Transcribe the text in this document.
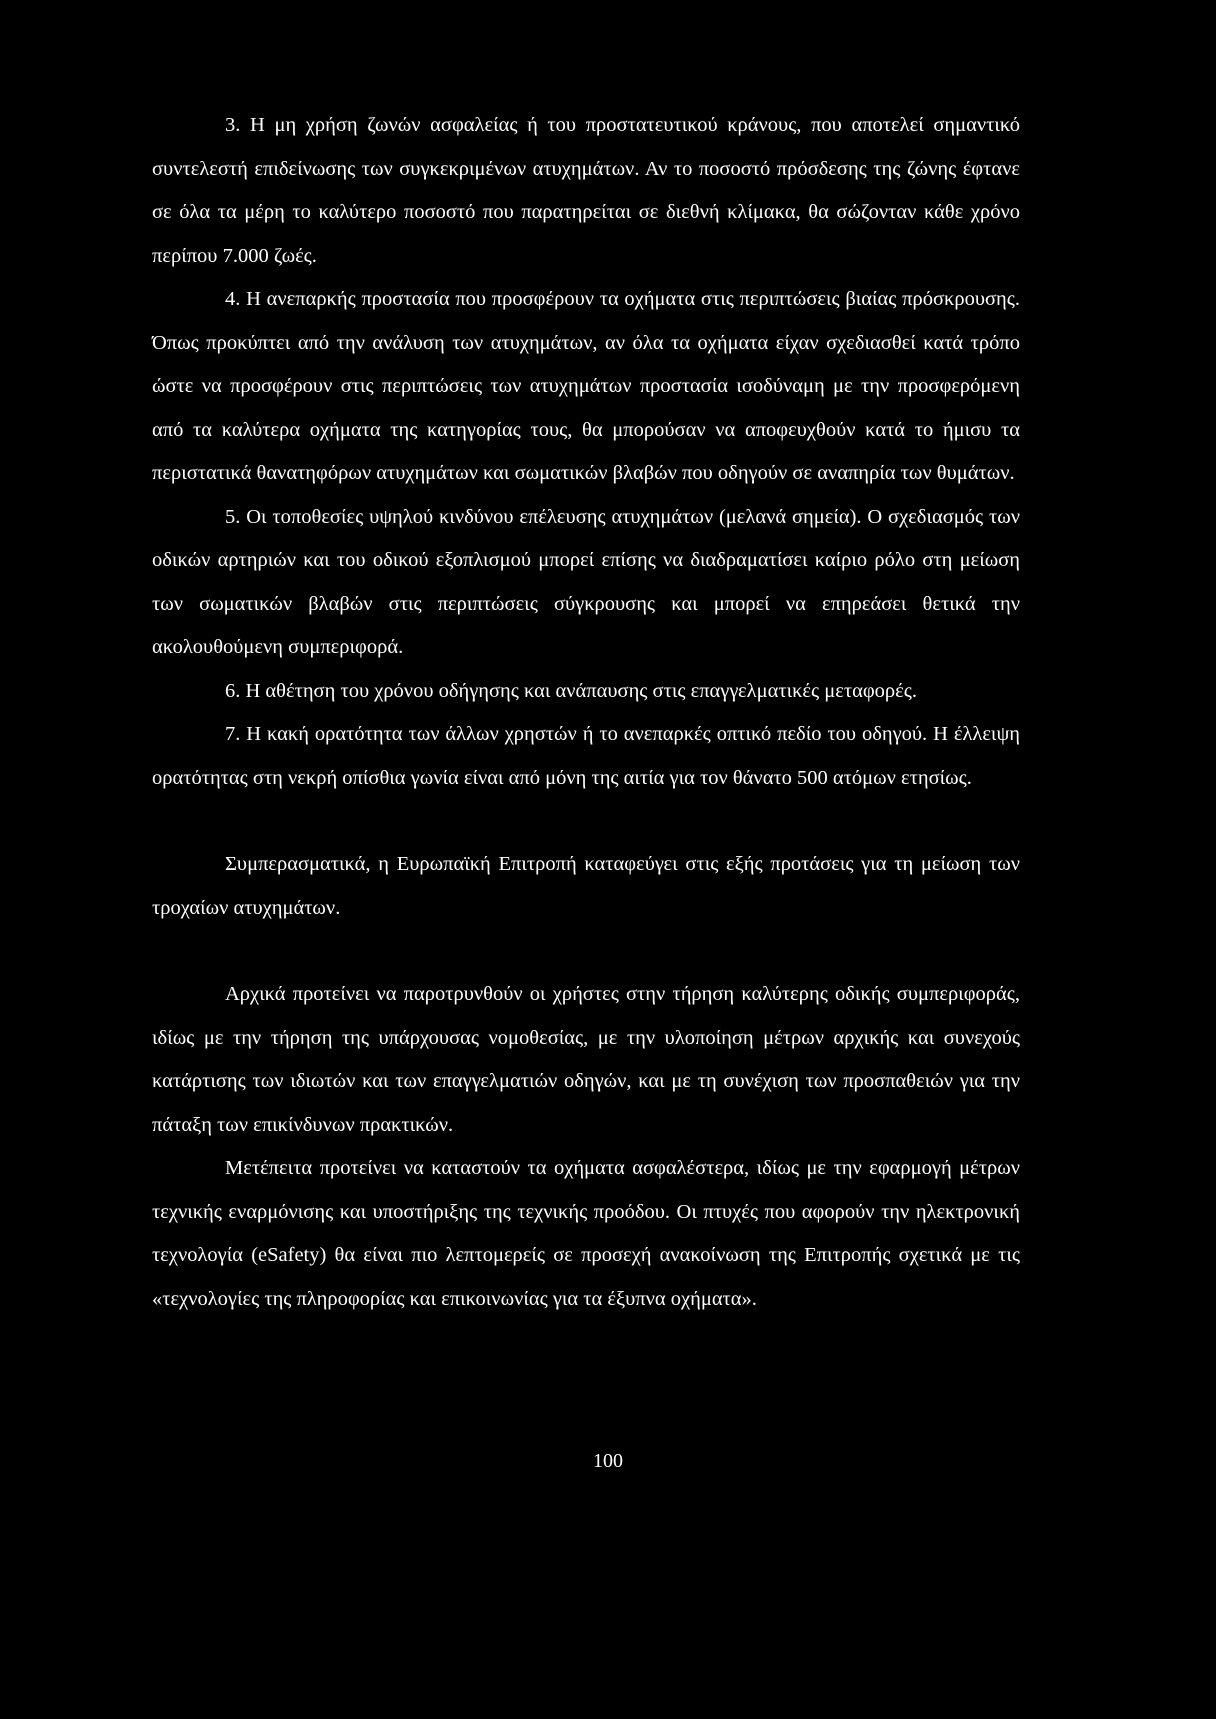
3. Η μη χρήση ζωνών ασφαλείας ή του προστατευτικού κράνους, που αποτελεί σημαντικό συντελεστή επιδείνωσης των συγκεκριμένων ατυχημάτων. Αν το ποσοστό πρόσδεσης της ζώνης έφτανε σε όλα τα μέρη το καλύτερο ποσοστό που παρατηρείται σε διεθνή κλίμακα, θα σώζονταν κάθε χρόνο περίπου 7.000 ζωές.

4. Η ανεπαρκής προστασία που προσφέρουν τα οχήματα στις περιπτώσεις βιαίας πρόσκρουσης. Όπως προκύπτει από την ανάλυση των ατυχημάτων, αν όλα τα οχήματα είχαν σχεδιασθεί κατά τρόπο ώστε να προσφέρουν στις περιπτώσεις των ατυχημάτων προστασία ισοδύναμη με την προσφερόμενη από τα καλύτερα οχήματα της κατηγορίας τους, θα μπορούσαν να αποφευχθούν κατά το ήμισυ τα περιστατικά θανατηφόρων ατυχημάτων και σωματικών βλαβών που οδηγούν σε αναπηρία των θυμάτων.

5. Οι τοποθεσίες υψηλού κινδύνου επέλευσης ατυχημάτων (μελανά σημεία). Ο σχεδιασμός των οδικών αρτηριών και του οδικού εξοπλισμού μπορεί επίσης να διαδραματίσει καίριο ρόλο στη μείωση των σωματικών βλαβών στις περιπτώσεις σύγκρουσης και μπορεί να επηρεάσει θετικά την ακολουθούμενη συμπεριφορά.

6. Η αθέτηση του χρόνου οδήγησης και ανάπαυσης στις επαγγελματικές μεταφορές.

7. Η κακή ορατότητα των άλλων χρηστών ή το ανεπαρκές οπτικό πεδίο του οδηγού. Η έλλειψη ορατότητας στη νεκρή οπίσθια γωνία είναι από μόνη της αιτία για τον θάνατο 500 ατόμων ετησίως.

Συμπερασματικά, η Ευρωπαϊκή Επιτροπή καταφεύγει στις εξής προτάσεις για τη μείωση των τροχαίων ατυχημάτων.

Αρχικά προτείνει να παροτρυνθούν οι χρήστες στην τήρηση καλύτερης οδικής συμπεριφοράς, ιδίως με την τήρηση της υπάρχουσας νομοθεσίας, με την υλοποίηση μέτρων αρχικής και συνεχούς κατάρτισης των ιδιωτών και των επαγγελματιών οδηγών, και με τη συνέχιση των προσπαθειών για την πάταξη των επικίνδυνων πρακτικών.

Μετέπειτα προτείνει να καταστούν τα οχήματα ασφαλέστερα, ιδίως με την εφαρμογή μέτρων τεχνικής εναρμόνισης και υποστήριξης της τεχνικής προόδου. Οι πτυχές που αφορούν την ηλεκτρονική τεχνολογία (eSafety) θα είναι πιο λεπτομερείς σε προσεχή ανακοίνωση της Επιτροπής σχετικά με τις «τεχνολογίες της πληροφορίας και επικοινωνίας για τα έξυπνα οχήματα».

100
